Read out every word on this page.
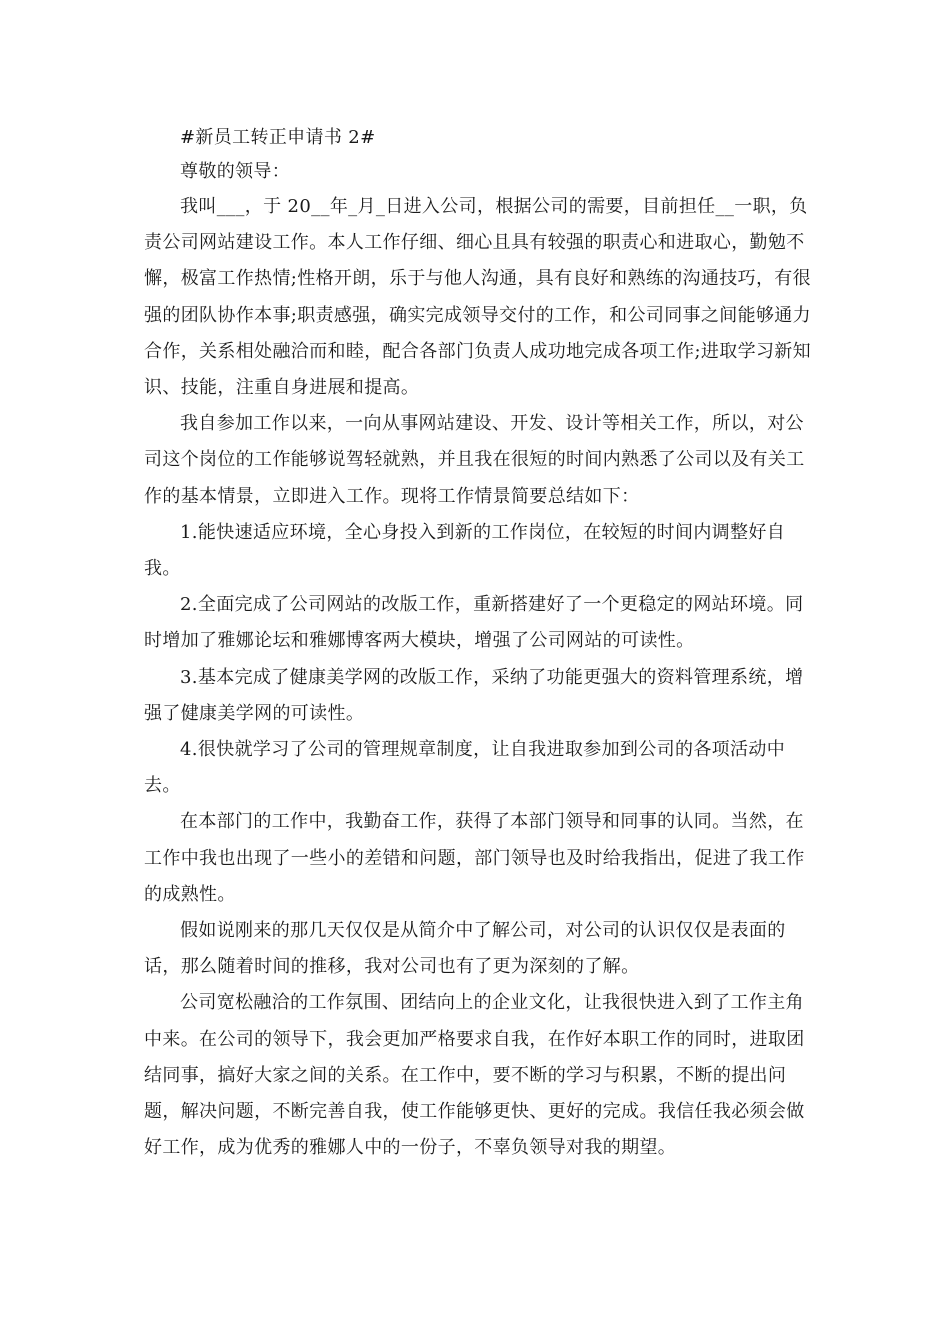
#新员工转正申请书 2#

尊敬的领导：

我叫___，于 20__年_月_日进入公司，根据公司的需要，目前担任__一职，负责公司网站建设工作。本人工作仔细、细心且具有较强的职责心和进取心，勤勉不懈，极富工作热情;性格开朗，乐于与他人沟通，具有良好和熟练的沟通技巧，有很强的团队协作本事;职责感强，确实完成领导交付的工作，和公司同事之间能够通力合作，关系相处融洽而和睦，配合各部门负责人成功地完成各项工作;进取学习新知识、技能，注重自身进展和提高。

我自参加工作以来，一向从事网站建设、开发、设计等相关工作，所以，对公司这个岗位的工作能够说驾轻就熟，并且我在很短的时间内熟悉了公司以及有关工作的基本情景，立即进入工作。现将工作情景简要总结如下：

1.能快速适应环境，全心身投入到新的工作岗位，在较短的时间内调整好自我。

2.全面完成了公司网站的改版工作，重新搭建好了一个更稳定的网站环境。同时增加了雅娜论坛和雅娜博客两大模块，增强了公司网站的可读性。

3.基本完成了健康美学网的改版工作，采纳了功能更强大的资料管理系统，增强了健康美学网的可读性。

4.很快就学习了公司的管理规章制度，让自我进取参加到公司的各项活动中去。

在本部门的工作中，我勤奋工作，获得了本部门领导和同事的认同。当然，在工作中我也出现了一些小的差错和问题，部门领导也及时给我指出，促进了我工作的成熟性。

假如说刚来的那几天仅仅是从简介中了解公司，对公司的认识仅仅是表面的话，那么随着时间的推移，我对公司也有了更为深刻的了解。

公司宽松融洽的工作氛围、团结向上的企业文化，让我很快进入到了工作主角中来。在公司的领导下，我会更加严格要求自我，在作好本职工作的同时，进取团结同事，搞好大家之间的关系。在工作中，要不断的学习与积累，不断的提出问题，解决问题，不断完善自我，使工作能够更快、更好的完成。我信任我必须会做好工作，成为优秀的雅娜人中的一份子，不辜负领导对我的期望。
